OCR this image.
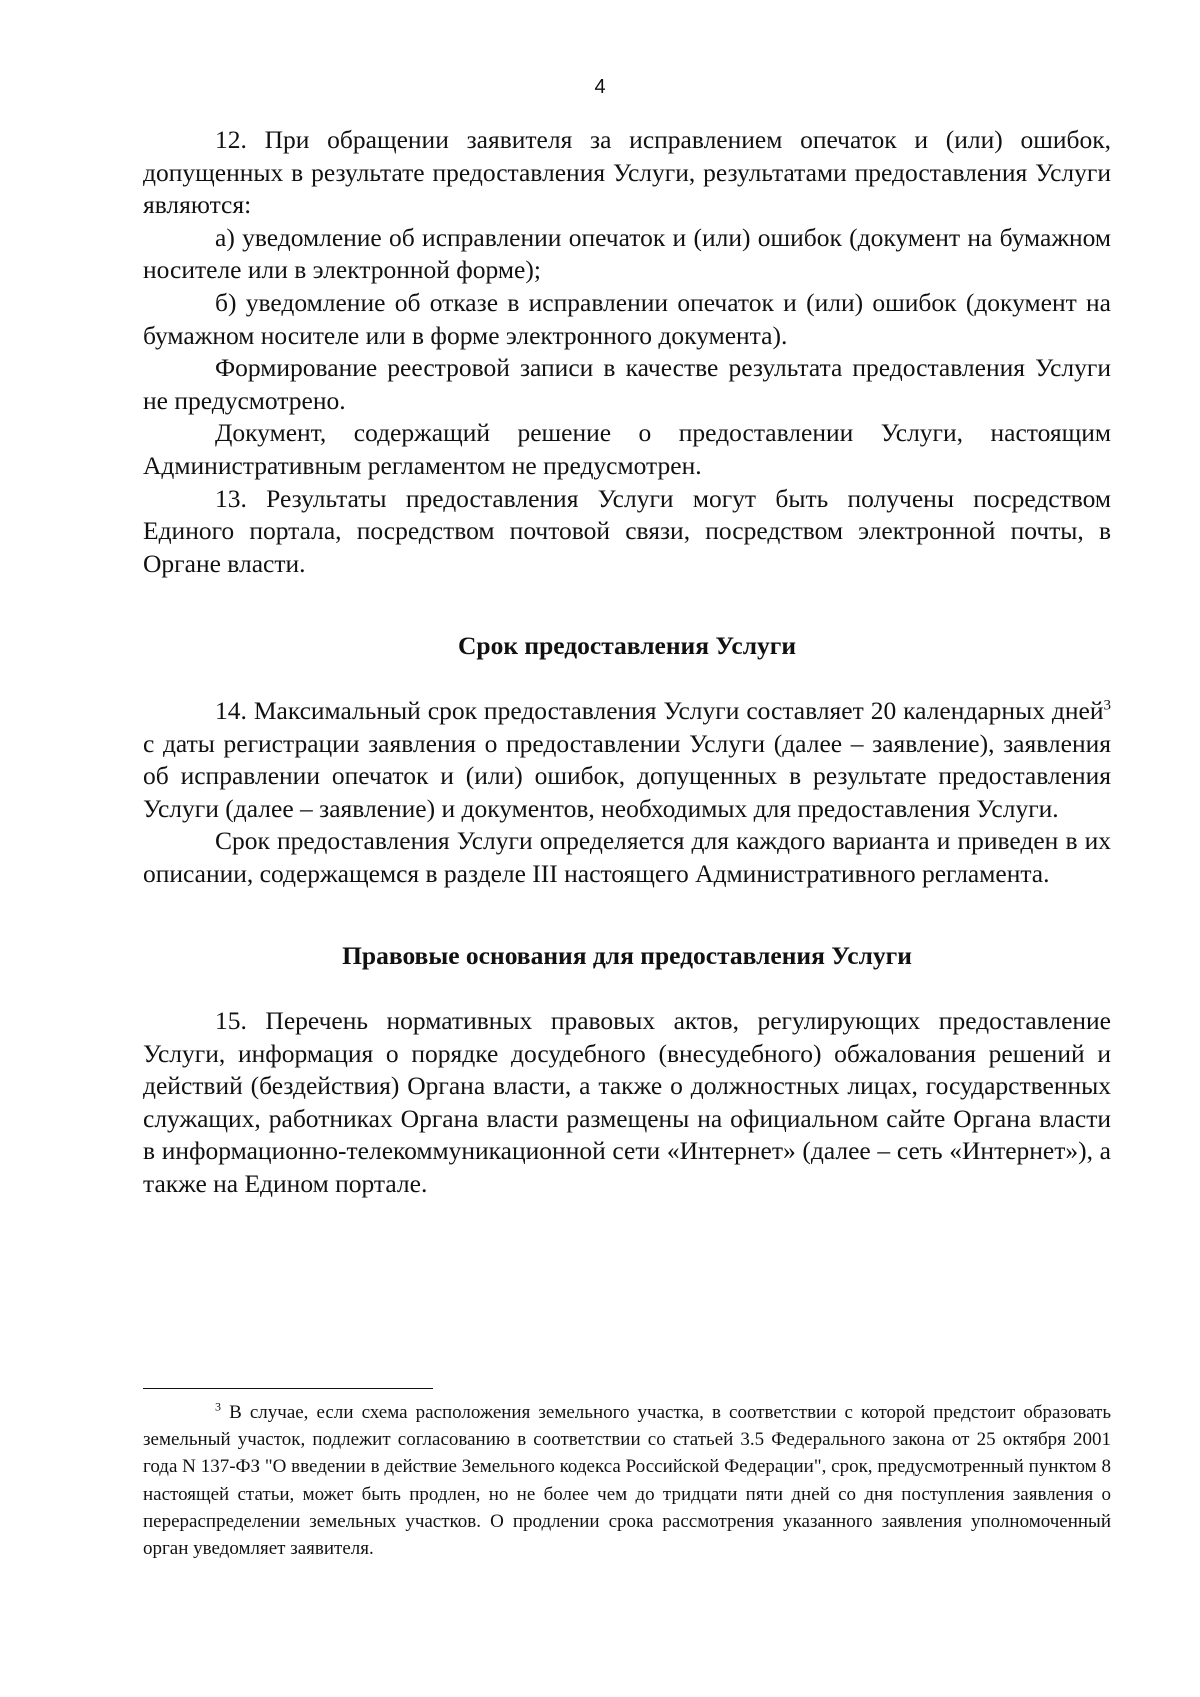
4

12. При обращении заявителя за исправлением опечаток и (или) ошибок, допущенных в результате предоставления Услуги, результатами предоставления Услуги являются:

а) уведомление об исправлении опечаток и (или) ошибок (документ на бумажном носителе или в электронной форме);

б) уведомление об отказе в исправлении опечаток и (или) ошибок (документ на бумажном носителе или в форме электронного документа).

Формирование реестровой записи в качестве результата предоставления Услуги не предусмотрено.

Документ, содержащий решение о предоставлении Услуги, настоящим Административным регламентом не предусмотрен.

13. Результаты предоставления Услуги могут быть получены посредством Единого портала, посредством почтовой связи, посредством электронной почты, в Органе власти.

Срок предоставления Услуги

14. Максимальный срок предоставления Услуги составляет 20 календарных дней$^3$ с даты регистрации заявления о предоставлении Услуги (далее – заявление), заявления об исправлении опечаток и (или) ошибок, допущенных в результате предоставления Услуги (далее – заявление) и документов, необходимых для предоставления Услуги.

Срок предоставления Услуги определяется для каждого варианта и приведен в их описании, содержащемся в разделе III настоящего Административного регламента.

Правовые основания для предоставления Услуги

15. Перечень нормативных правовых актов, регулирующих предоставление Услуги, информация о порядке досудебного (внесудебного) обжалования решений и действий (бездействия) Органа власти, а также о должностных лицах, государственных служащих, работниках Органа власти размещены на официальном сайте Органа власти в информационно-телекоммуникационной сети «Интернет» (далее – сеть «Интернет»), а также на Едином портале.

$^3$ В случае, если схема расположения земельного участка, в соответствии с которой предстоит образовать земельный участок, подлежит согласованию в соответствии со статьей 3.5 Федерального закона от 25 октября 2001 года N 137-ФЗ "О введении в действие Земельного кодекса Российской Федерации", срок, предусмотренный пунктом 8 настоящей статьи, может быть продлен, но не более чем до тридцати пяти дней со дня поступления заявления о перераспределении земельных участков. О продлении срока рассмотрения указанного заявления уполномоченный орган уведомляет заявителя.
